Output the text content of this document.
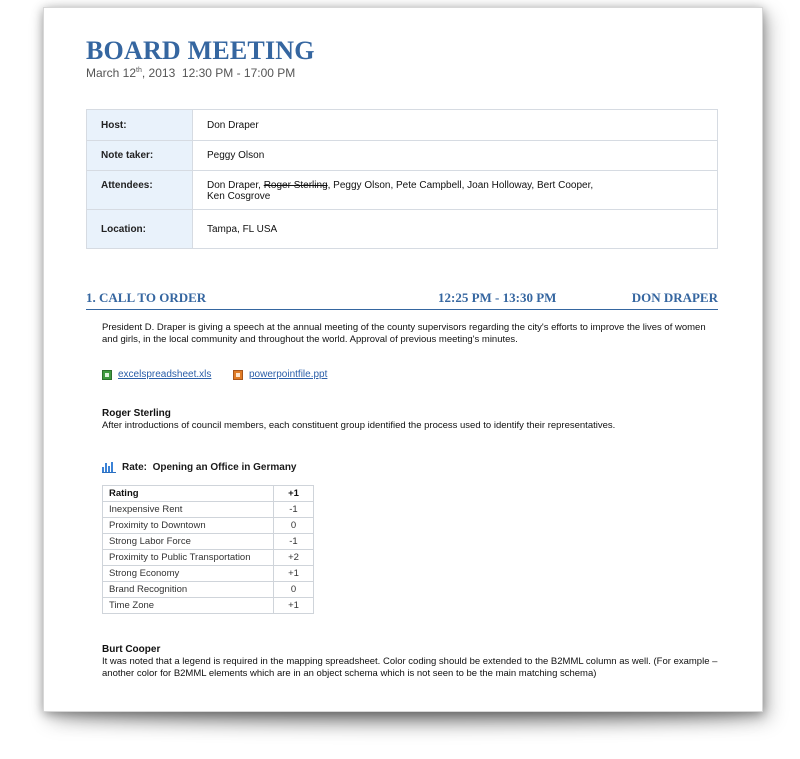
BOARD MEETING
March 12th, 2013  12:30 PM - 17:00 PM
Host:	Don Draper
Note taker:	Peggy Olson
Attendees:	Don Draper, Roger Sterling, Peggy Olson, Pete Campbell, Joan Holloway, Bert Cooper,
Ken Cosgrove
Location:	Tampa, FL USA
1. CALL TO ORDER	12:25 PM - 13:30 PM	DON DRAPER
President D. Draper is giving a speech at the annual meeting of the county supervisors regarding the city's efforts to improve the lives of women and girls, in the local community and throughout the world. Approval of previous meeting's minutes.
excelspreadsheet.xls	powerpointfile.ppt
Roger Sterling
After introductions of council members, each constituent group identified the process used to identify their representatives.
Rate:
Opening an Office in Germany
Rating	+1
Inexpensive Rent	-1
Proximity to Downtown	0
Strong Labor Force	-1
Proximity to Public Transportation	+2
Strong Economy	+1
Brand Recognition	0
Time Zone	+1
Burt Cooper
It was noted that a legend is required in the mapping spreadsheet. Color coding should be extended to the B2MML column as well. (For example – another color for B2MML elements which are in an object schema which is not seen to be the main matching schema)
